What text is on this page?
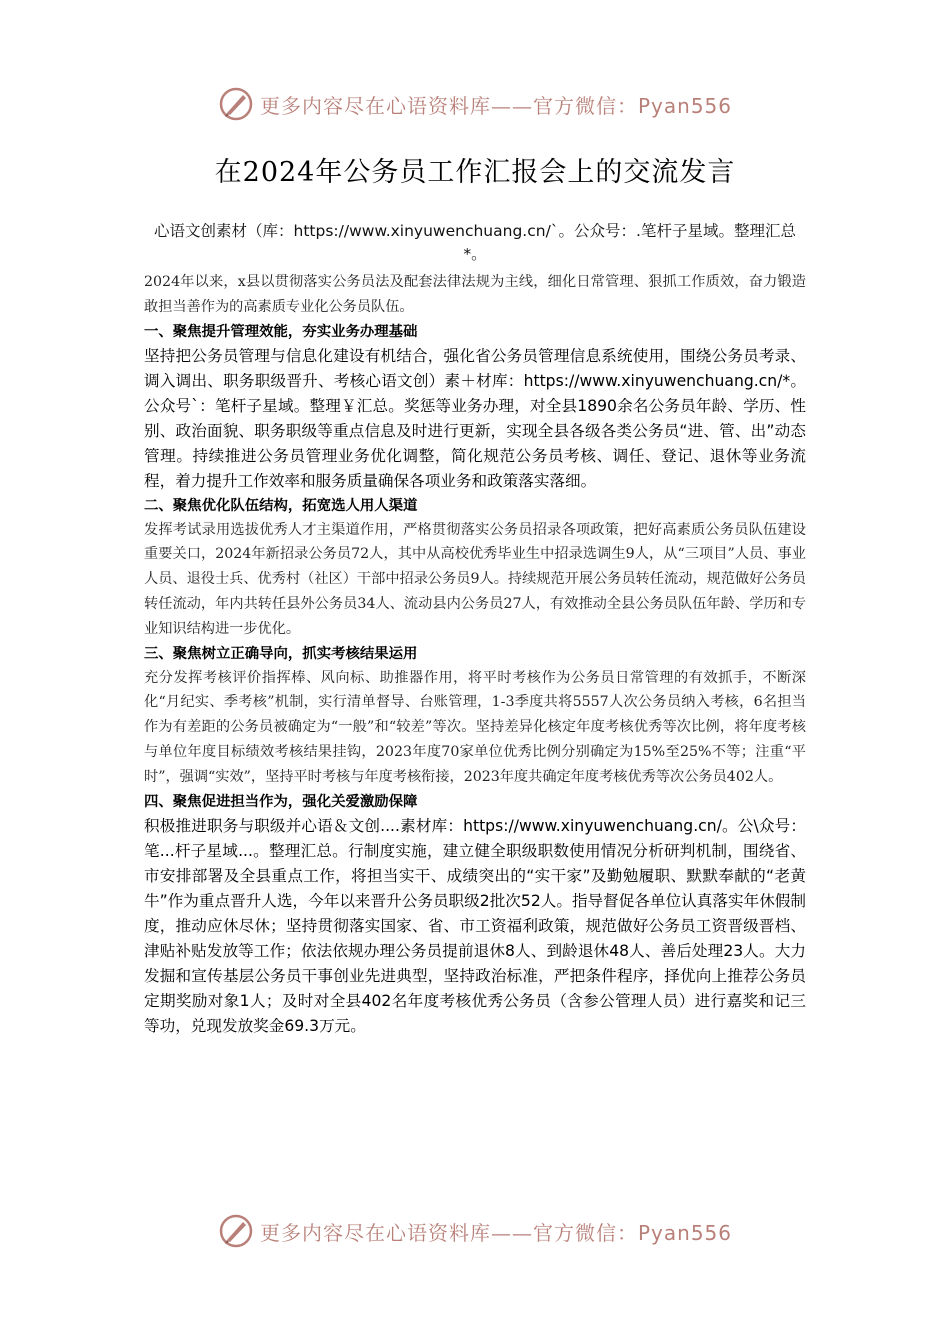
更多内容尽在心语资料库——官方微信：Pyan556
在2024年公务员工作汇报会上的交流发言

心语文创素材（库：https://www.xinyuwenchuang.cn/`。公众号：.笔杆子星域。整理汇总*。

2024年以来，x县以贯彻落实公务员法及配套法律法规为主线，细化日常管理、狠抓工作质效，奋力锻造敢担当善作为的高素质专业化公务员队伍。

一、聚焦提升管理效能，夯实业务办理基础

坚持把公务员管理与信息化建设有机结合，强化省公务员管理信息系统使用，围绕公务员考录、调入调出、职务职级晋升、考核心语文创）素＋材库：https://www.xinyuwenchuang.cn/*。公众号`：笔杆子星域。整理￥汇总。奖惩等业务办理，对全县1890余名公务员年龄、学历、性别、政治面貌、职务职级等重点信息及时进行更新，实现全县各级各类公务员“进、管、出”动态管理。持续推进公务员管理业务优化调整，简化规范公务员考核、调任、登记、退休等业务流程，着力提升工作效率和服务质量确保各项业务和政策落实落细。

二、聚焦优化队伍结构，拓宽选人用人渠道

发挥考试录用选拔优秀人才主渠道作用，严格贯彻落实公务员招录各项政策，把好高素质公务员队伍建设重要关口，2024年新招录公务员72人，其中从高校优秀毕业生中招录选调生9人，从“三项目”人员、事业人员、退役士兵、优秀村（社区）干部中招录公务员9人。持续规范开展公务员转任流动，规范做好公务员转任流动，年内共转任县外公务员34人、流动县内公务员27人，有效推动全县公务员队伍年龄、学历和专业知识结构进一步优化。

三、聚焦树立正确导向，抓实考核结果运用

充分发挥考核评价指挥棒、风向标、助推器作用，将平时考核作为公务员日常管理的有效抓手，不断深化“月纪实、季考核”机制，实行清单督导、台账管理，1-3季度共将5557人次公务员纳入考核，6名担当作为有差距的公务员被确定为“一般”和“较差”等次。坚持差异化核定年度考核优秀等次比例，将年度考核与单位年度目标绩效考核结果挂钩，2023年度70家单位优秀比例分别确定为15%至25%不等；注重“平时”，强调“实效”，坚持平时考核与年度考核衔接，2023年度共确定年度考核优秀等次公务员402人。

四、聚焦促进担当作为，强化关爱激励保障

积极推进职务与职级并心语＆文创....素材库：https://www.xinyuwenchuang.cn/。公\众号：笔...杆子星域...。整理汇总。行制度实施，建立健全职级职数使用情况分析研判机制，围绕省、市安排部署及全县重点工作，将担当实干、成绩突出的“实干家”及勤勉履职、默默奉献的“老黄牛”作为重点晋升人选，今年以来晋升公务员职级2批次52人。指导督促各单位认真落实年休假制度，推动应休尽休；坚持贯彻落实国家、省、市工资福利政策，规范做好公务员工资晋级晋档、津贴补贴发放等工作；依法依规办理公务员提前退休8人、到龄退休48人、善后处理23人。大力发掘和宣传基层公务员干事创业先进典型，坚持政治标准，严把条件程序，择优向上推荐公务员定期奖励对象1人；及时对全县402名年度考核优秀公务员（含参公管理人员）进行嘉奖和记三等功，兑现发放奖金69.3万元。

更多内容尽在心语资料库——官方微信：Pyan556
